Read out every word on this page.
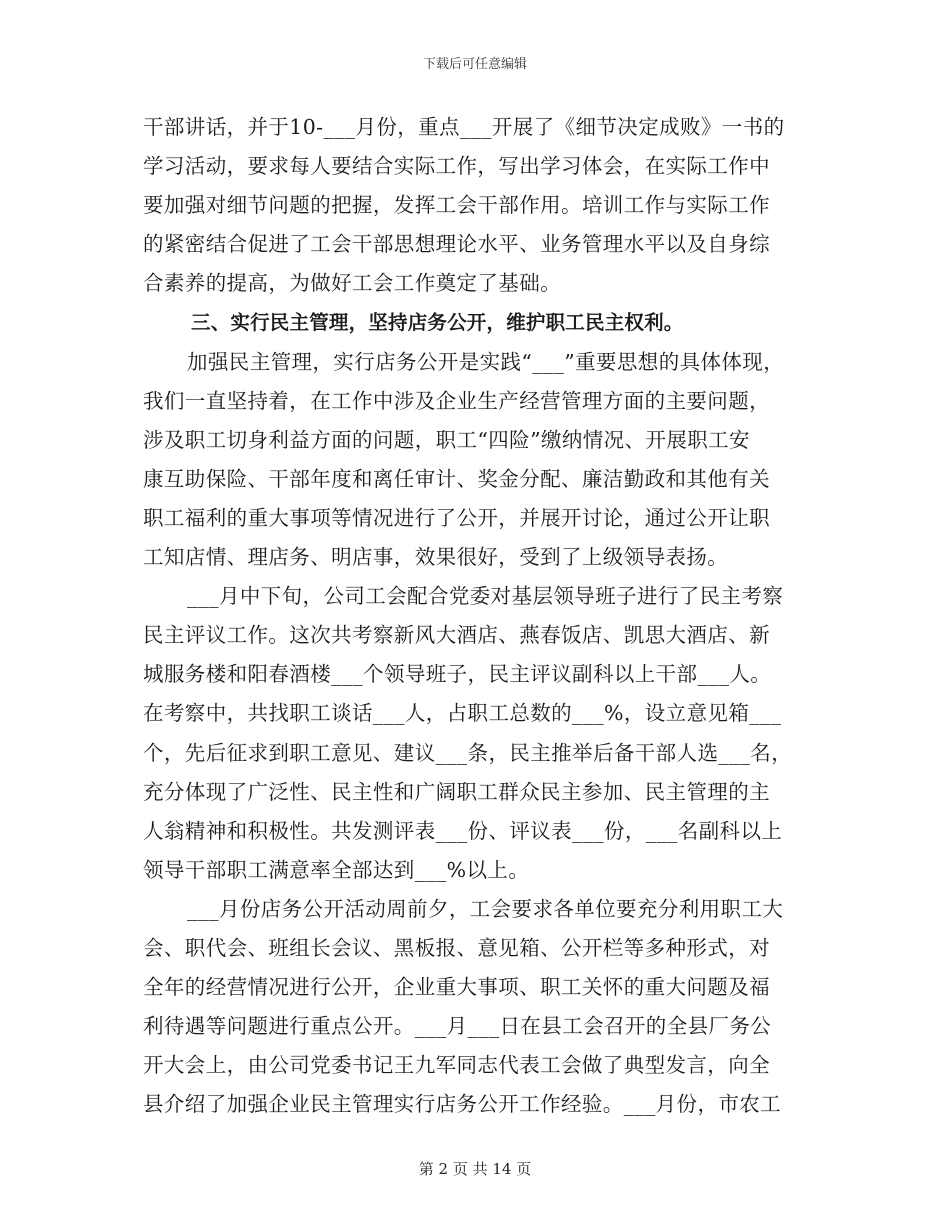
下载后可任意编辑
干部讲话，并于10-___月份，重点___开展了《细节决定成败》一书的
学习活动，要求每人要结合实际工作，写出学习体会，在实际工作中
要加强对细节问题的把握，发挥工会干部作用。培训工作与实际工作
的紧密结合促进了工会干部思想理论水平、业务管理水平以及自身综
合素养的提高，为做好工会工作奠定了基础。
三、实行民主管理，坚持店务公开，维护职工民主权利。
加强民主管理，实行店务公开是实践“___”重要思想的具体体现，
我们一直坚持着，在工作中涉及企业生产经营管理方面的主要问题，
涉及职工切身利益方面的问题，职工“四险”缴纳情况、开展职工安
康互助保险、干部年度和离任审计、奖金分配、廉洁勤政和其他有关
职工福利的重大事项等情况进行了公开，并展开讨论，通过公开让职
工知店情、理店务、明店事，效果很好，受到了上级领导表扬。
___月中下旬，公司工会配合党委对基层领导班子进行了民主考察
民主评议工作。这次共考察新风大酒店、燕春饭店、凯思大酒店、新
城服务楼和阳春酒楼___个领导班子，民主评议副科以上干部___人。
在考察中，共找职工谈话___人，占职工总数的___%，设立意见箱___
个，先后征求到职工意见、建议___条，民主推举后备干部人选___名，
充分体现了广泛性、民主性和广阔职工群众民主参加、民主管理的主
人翁精神和积极性。共发测评表___份、评议表___份，___名副科以上
领导干部职工满意率全部达到___%以上。
___月份店务公开活动周前夕，工会要求各单位要充分利用职工大
会、职代会、班组长会议、黑板报、意见箱、公开栏等多种形式，对
全年的经营情况进行公开，企业重大事项、职工关怀的重大问题及福
利待遇等问题进行重点公开。___月___日在县工会召开的全县厂务公
开大会上，由公司党委书记王九军同志代表工会做了典型发言，向全
县介绍了加强企业民主管理实行店务公开工作经验。___月份，市农工
第 2 页 共 14 页
